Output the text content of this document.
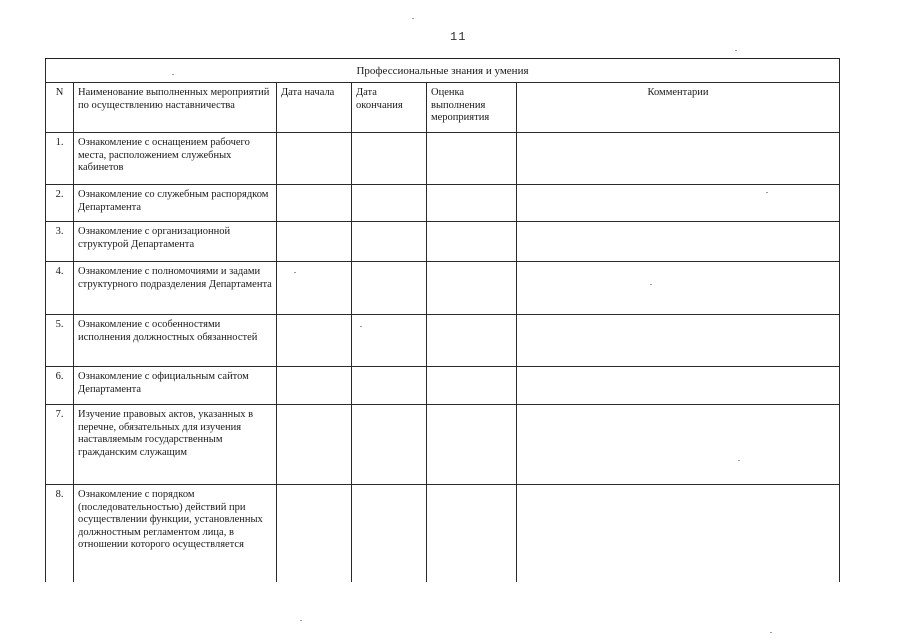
11
Профессиональные знания и умения					
N	Наименование выполненных мероприятий по осуществлению наставничества	Дата начала	Дата окончания	Оценка выполнения мероприятия	Комментарии
1.	Ознакомление с оснащением рабочего места, расположением служебных кабинетов				
2.	Ознакомление со служебным распорядком Департамента				
3.	Ознакомление с организационной структурой Департамента				
4.	Ознакомление с полномочиями и задами структурного подразделения Департамента				
5.	Ознакомление с особенностями исполнения должностных обязанностей				
6.	Ознакомление с официальным сайтом Департамента				
7.	Изучение правовых актов, указанных в перечне, обязательных для изучения наставляемым государственным гражданским служащим				
8.	Ознакомление с порядком (последовательностью) действий при осуществлении функции, установленных должностным регламентом лица, в отношении которого осуществляется				
